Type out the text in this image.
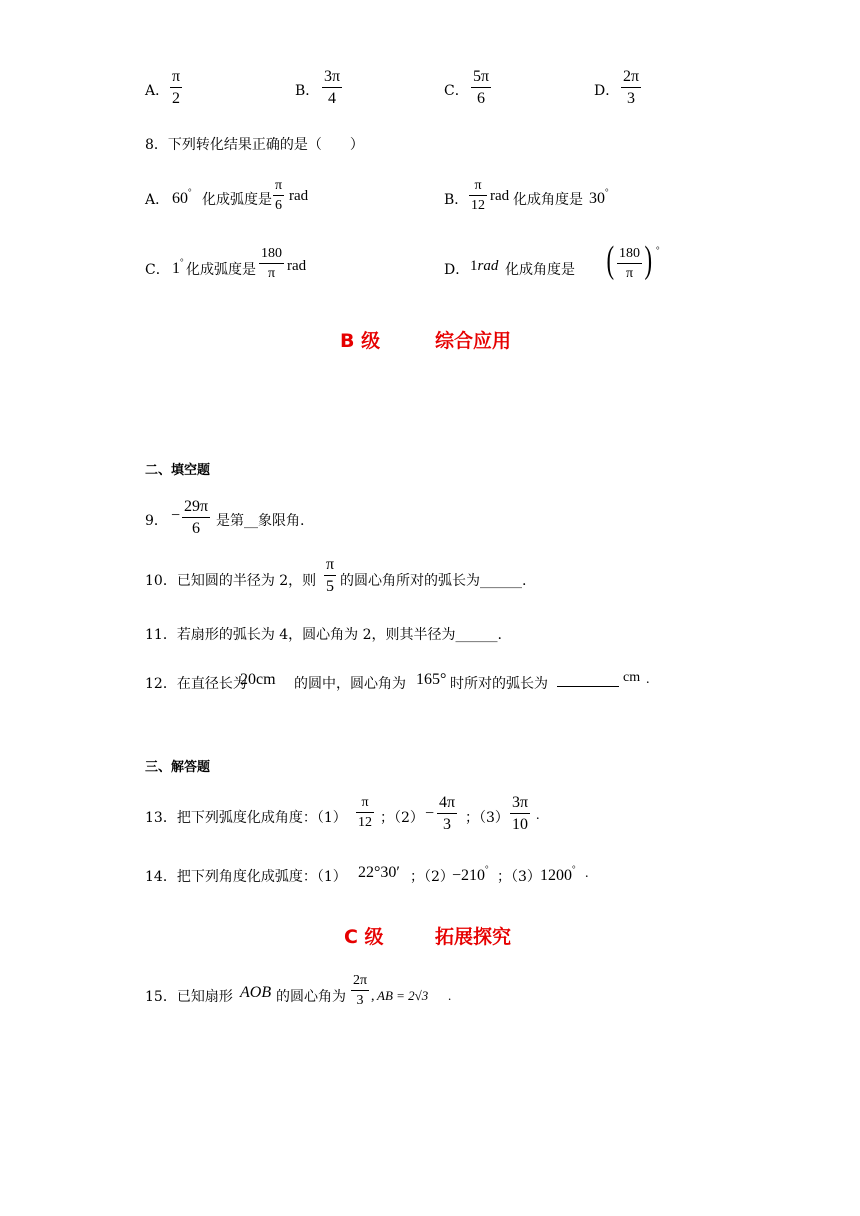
A．
π
2	B．
3π
4	C．
5π
6	D．
2π
3
8．下列转化结果正确的是（　　）
A． 60° 化成弧度是
π
6
rad	B．
π
12
rad 化成角度是 30°
C． 1° 化成弧度是
180
π rad	D． 1rad 化成角度是 ( 180
π ) °
B 级	综合应用
二、填空题
9． −
29π
6 是第__象限角.
10．已知圆的半径为 2，则
π
5 的圆心角所对的弧长为______.
11．若扇形的弧长为 4，圆心角为 2，则其半径为______.
12．在直径长为
20cm 的圆中，圆心角为 165° 时所对的弧长为	cm .
三、解答题
13．把下列弧度化成角度：（1）
π
12 ；（2） −
4π
3 ；（3）
3π
10
.
14．把下列角度化成弧度：（1） 22°30′ ；（2）
−210° ；（3） 1200° .
C 级	拓展探究
15．已知扇形 AOB 的圆心角为
2π
3 , AB = 2√3 .
